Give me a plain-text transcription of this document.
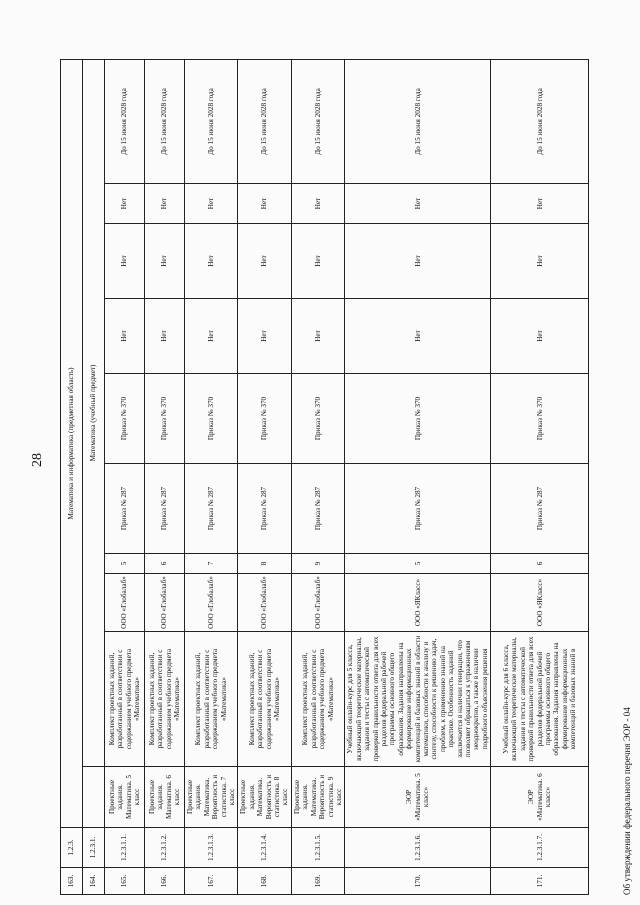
28
163.	1.2.3.	Математика и информатика (предметная область)									
164.	1.2.3.1.		Математика (учебный предмет)								
165.	1.2.3.1.1.	Проектные задания. Математика. 5 класс	Комплект проектных заданий, разработанный в соответствии с содержанием учебного предмета «Математика»	ООО «Глобалаб»	5	Приказ № 287	Приказ № 370	Нет	Нет	Нет	До 15 июня 2028 года
166.	1.2.3.1.2.	Проектные задания. Математика. 6 класс	Комплект проектных заданий, разработанный в соответствии с содержанием учебного предмета «Математика»	ООО «Глобалаб»	6	Приказ № 287	Приказ № 370	Нет	Нет	Нет	До 15 июня 2028 года
167.	1.2.3.1.3.	Проектные задания. Математика. Вероятность и статистика. 7 класс	Комплект проектных заданий, разработанный в соответствии с содержанием учебного предмета «Математика»	ООО «Глобалаб»	7	Приказ № 287	Приказ № 370	Нет	Нет	Нет	До 15 июня 2028 года
168.	1.2.3.1.4.	Проектные задания. Математика. Вероятность и статистика. 8 класс	Комплект проектных заданий, разработанный в соответствии с содержанием учебного предмета «Математика»	ООО «Глобалаб»	8	Приказ № 287	Приказ № 370	Нет	Нет	Нет	До 15 июня 2028 года
169.	1.2.3.1.5.	Проектные задания. Математика. Вероятность и статистика. 9 класс	Комплект проектных заданий, разработанный в соответствии с содержанием учебного предмета «Математика»	ООО «Глобалаб»	9	Приказ № 287	Приказ № 370	Нет	Нет	Нет	До 15 июня 2028 года
170.	1.2.3.1.6.	ЭОР «Математика. 5 класс»	Учебный онлайн-курс для 5 класса, включающий теоретические материалы, задания и тесты с автоматической проверкой правильности ответа для всех разделов федеральной рабочей программы основного общего образования. Задания направлены на формирование информационных компетенций и базовых знаний в области математики, способности к анализу и синтезу, способности к решению задач, проблем, к применению знаний на практике. Особенность заданий заключается в наличии генерации, что позволяет обращаться к упражнениям неоднократно, а также в наличии подробного объяснения решения	ООО «ЯКласс»	5	Приказ № 287	Приказ № 370	Нет	Нет	Нет	До 15 июня 2028 года
171.	1.2.3.1.7.	ЭОР «Математика. 6 класс»	Учебный онлайн-курс для 6 класса, включающий теоретические материалы, задания и тесты с автоматической проверкой правильности ответа для всех разделов федеральной рабочей программы основного общего образования. Задания направлены на формирование информационных компетенций и базовых знаний в	ООО «ЯКласс»	6	Приказ № 287	Приказ № 370	Нет	Нет	Нет	До 15 июня 2028 года
Об утверждении федерального перечня ЭОР - 04
